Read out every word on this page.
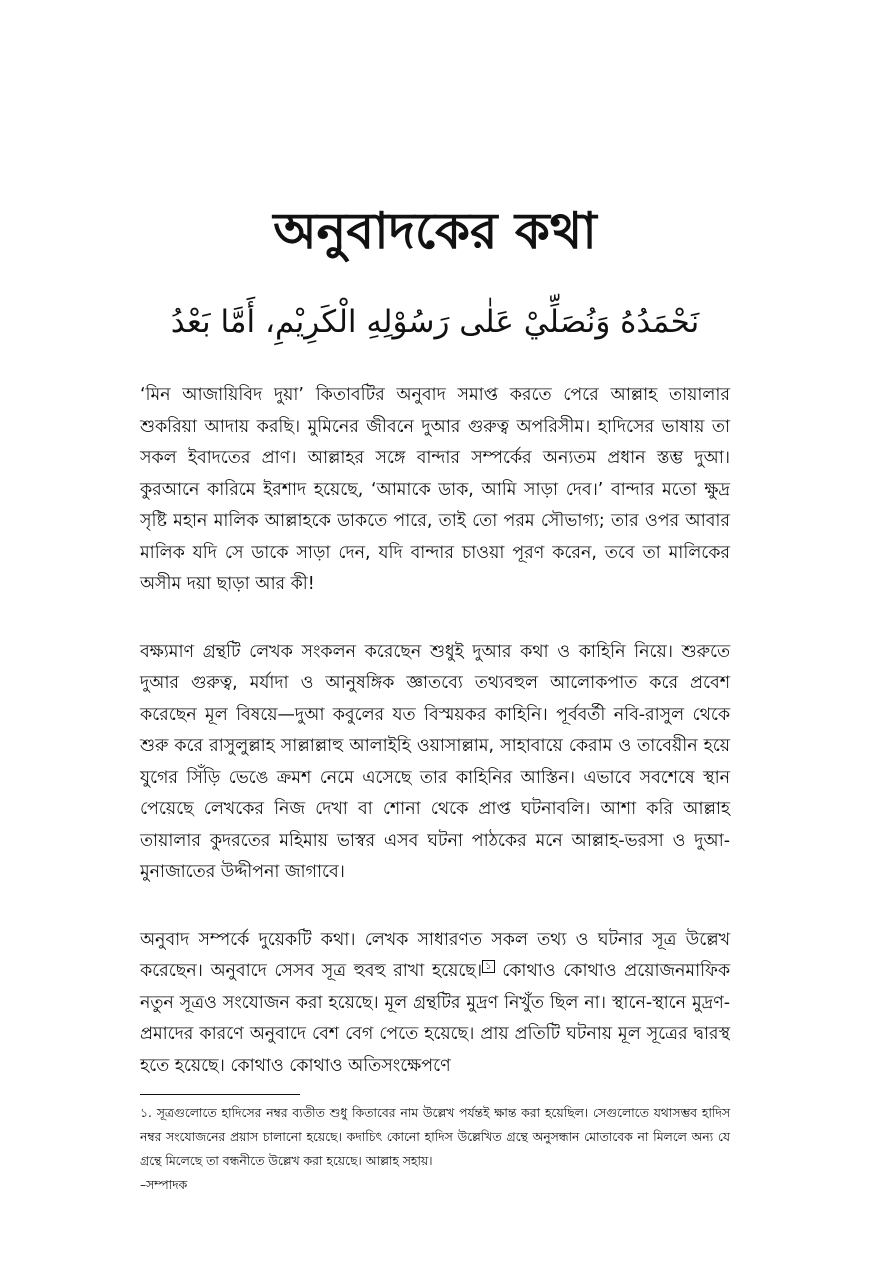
অনুবাদকের কথা

نَحْمَدُهُ وَنُصَلِّيْ عَلٰى رَسُوْلِهِ الْكَرِيْمِ، أَمَّا بَعْدُ

‘মিন আজায়িবিদ দুয়া’ কিতাবটির অনুবাদ সমাপ্ত করতে পেরে আল্লাহ তায়ালার শুকরিয়া আদায় করছি। মুমিনের জীবনে দুআর গুরুত্ব অপরিসীম। হাদিসের ভাষায় তা সকল ইবাদতের প্রাণ। আল্লাহর সঙ্গে বান্দার সম্পর্কের অন্যতম প্রধান স্তম্ভ দুআ। কুরআনে কারিমে ইরশাদ হয়েছে, ‘আমাকে ডাক, আমি সাড়া দেব।’ বান্দার মতো ক্ষুদ্র সৃষ্টি মহান মালিক আল্লাহকে ডাকতে পারে, তাই তো পরম সৌভাগ্য; তার ওপর আবার মালিক যদি সে ডাকে সাড়া দেন, যদি বান্দার চাওয়া পূরণ করেন, তবে তা মালিকের অসীম দয়া ছাড়া আর কী!

বক্ষ্যমাণ গ্রন্থটি লেখক সংকলন করেছেন শুধুই দুআর কথা ও কাহিনি নিয়ে। শুরুতে দুআর গুরুত্ব, মর্যাদা ও আনুষঙ্গিক জ্ঞাতব্যে তথ্যবহুল আলোকপাত করে প্রবেশ করেছেন মূল বিষয়ে—দুআ কবুলের যত বিস্ময়কর কাহিনি। পূর্ববর্তী নবি-রাসুল থেকে শুরু করে রাসুলুল্লাহ সাল্লাল্লাহু আলাইহি ওয়াসাল্লাম, সাহাবায়ে কেরাম ও তাবেয়ীন হয়ে যুগের সিঁড়ি ভেঙে ক্রমশ নেমে এসেছে তার কাহিনির আস্তিন। এভাবে সবশেষে স্থান পেয়েছে লেখকের নিজ দেখা বা শোনা থেকে প্রাপ্ত ঘটনাবলি। আশা করি আল্লাহ তায়ালার কুদরতের মহিমায় ভাস্বর এসব ঘটনা পাঠকের মনে আল্লাহ-ভরসা ও দুআ-মুনাজাতের উদ্দীপনা জাগাবে।

অনুবাদ সম্পর্কে দুয়েকটি কথা। লেখক সাধারণত সকল তথ্য ও ঘটনার সূত্র উল্লেখ করেছেন। অনুবাদে সেসব সূত্র হুবহু রাখা হয়েছে। $^১$ কোথাও কোথাও প্রয়োজনমাফিক নতুন সূত্রও সংযোজন করা হয়েছে। মূল গ্রন্থটির মুদ্রণ নিখুঁত ছিল না। স্থানে-স্থানে মুদ্রণ-প্রমাদের কারণে অনুবাদে বেশ বেগ পেতে হয়েছে। প্রায় প্রতিটি ঘটনায় মূল সূত্রের দ্বারস্থ হতে হয়েছে। কোথাও কোথাও অতিসংক্ষেপণে

১. সূত্রগুলোতে হাদিসের নম্বর ব্যতীত শুধু কিতাবের নাম উল্লেখ পর্যন্তই ক্ষান্ত করা হয়েছিল। সেগুলোতে যথাসম্ভব হাদিস নম্বর সংযোজনের প্রয়াস চালানো হয়েছে। কদাচিৎ কোনো হাদিস উল্লেখিত গ্রন্থে অনুসন্ধান মোতাবেক না মিললে অন্য যে গ্রন্থে মিলেছে তা বন্ধনীতে উল্লেখ করা হয়েছে। আল্লাহ সহায়।

–সম্পাদক
